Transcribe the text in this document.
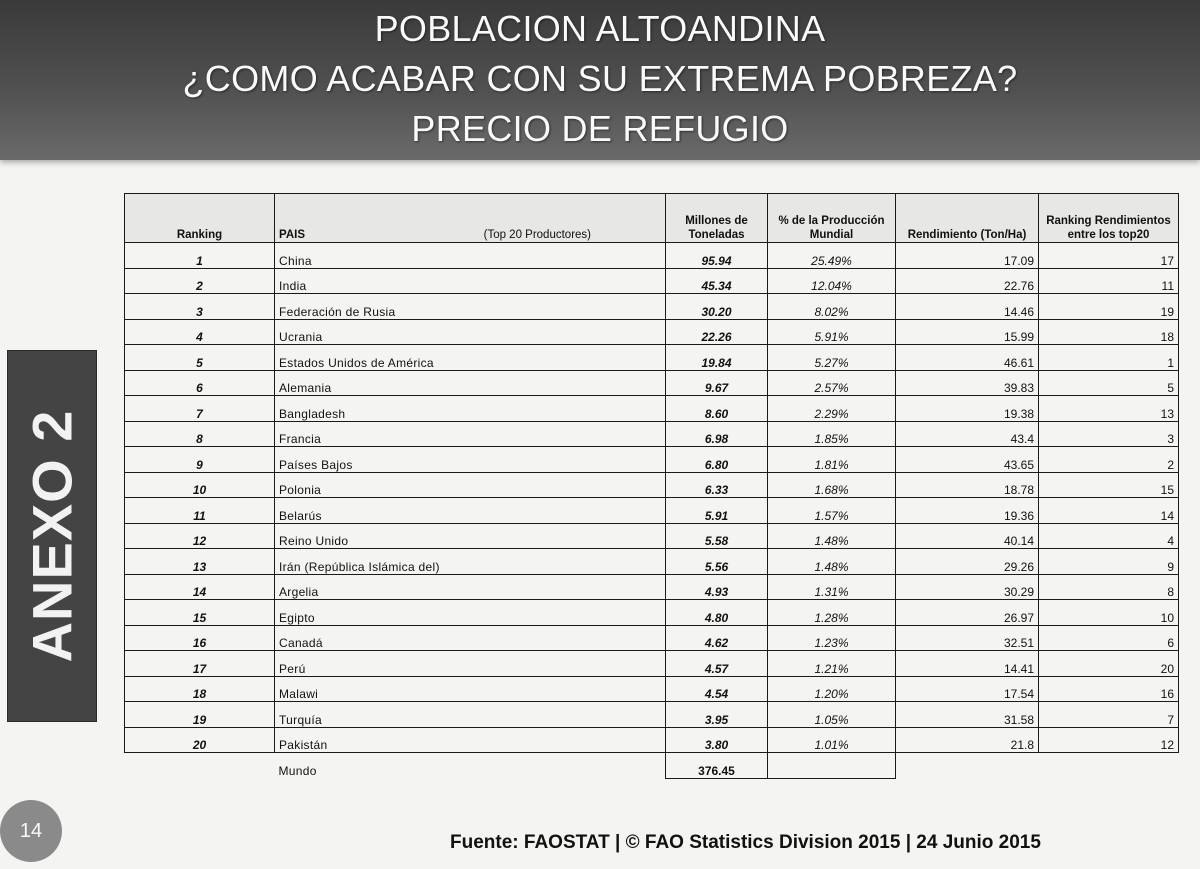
POBLACION ALTOANDINA
¿COMO ACABAR CON SU EXTREMA POBREZA?
PRECIO DE REFUGIO
ANEXO 2
Ranking	PAIS (Top 20 Productores)	Millones de Toneladas	% de la Producción Mundial	Rendimiento (Ton/Ha)	Ranking Rendimientos entre los top20
1	China	95.94	25.49%	17.09	17
2	India	45.34	12.04%	22.76	11
3	Federación de Rusia	30.20	8.02%	14.46	19
4	Ucrania	22.26	5.91%	15.99	18
5	Estados Unidos de América	19.84	5.27%	46.61	1
6	Alemania	9.67	2.57%	39.83	5
7	Bangladesh	8.60	2.29%	19.38	13
8	Francia	6.98	1.85%	43.4	3
9	Países Bajos	6.80	1.81%	43.65	2
10	Polonia	6.33	1.68%	18.78	15
11	Belarús	5.91	1.57%	19.36	14
12	Reino Unido	5.58	1.48%	40.14	4
13	Irán (República Islámica del)	5.56	1.48%	29.26	9
14	Argelia	4.93	1.31%	30.29	8
15	Egipto	4.80	1.28%	26.97	10
16	Canadá	4.62	1.23%	32.51	6
17	Perú	4.57	1.21%	14.41	20
18	Malawi	4.54	1.20%	17.54	16
19	Turquía	3.95	1.05%	31.58	7
20	Pakistán	3.80	1.01%	21.8	12
	Mundo	376.45			
14
Fuente: FAOSTAT | © FAO Statistics Division 2015 | 24 Junio 2015
